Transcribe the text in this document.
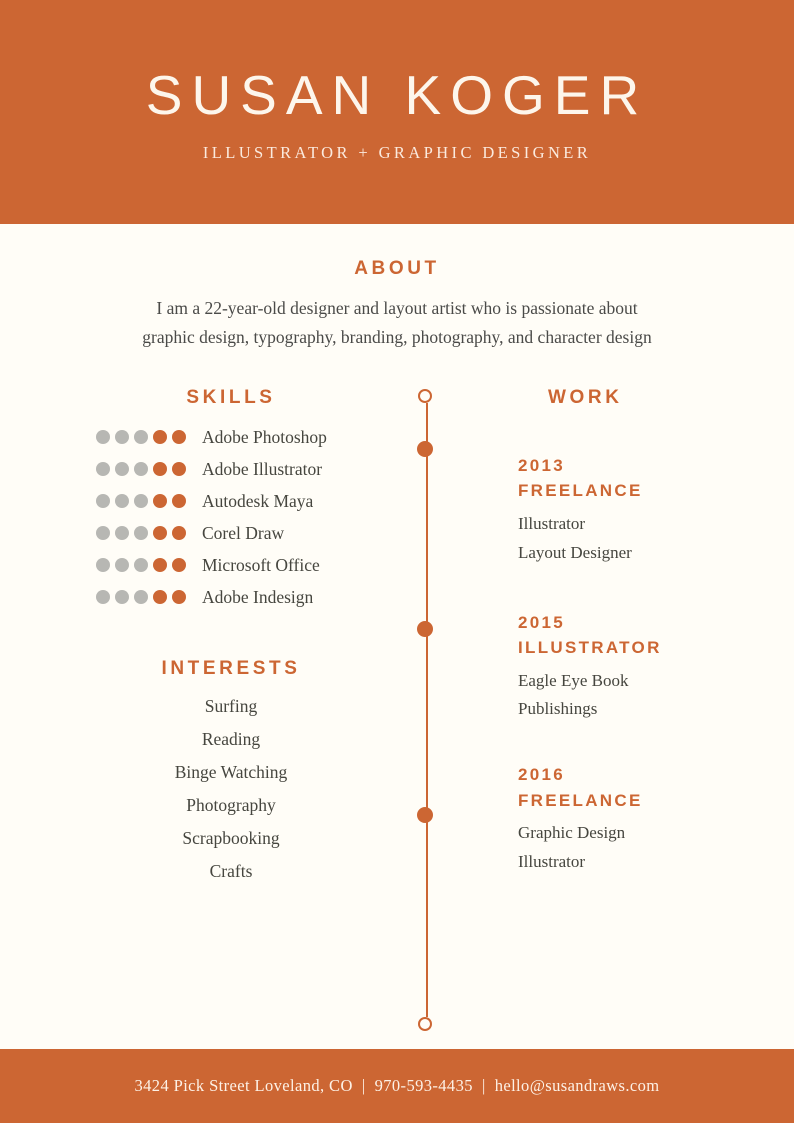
SUSAN KOGER
ILLUSTRATOR + GRAPHIC DESIGNER
ABOUT
I am a 22-year-old designer and layout artist who is passionate about
graphic design, typography, branding, photography, and character design
SKILLS
Adobe Photoshop
Adobe Illustrator
Autodesk Maya
Corel Draw
Microsoft Office
Adobe Indesign
INTERESTS
Surfing
Reading
Binge Watching
Photography
Scrapbooking
Crafts
WORK
2013
FREELANCE
Illustrator
Layout Designer
2015
ILLUSTRATOR
Eagle Eye Book
Publishings
2016
FREELANCE
Graphic Design
Illustrator
3424 Pick Street Loveland, CO | 970-593-4435 | hello@susandraws.com
